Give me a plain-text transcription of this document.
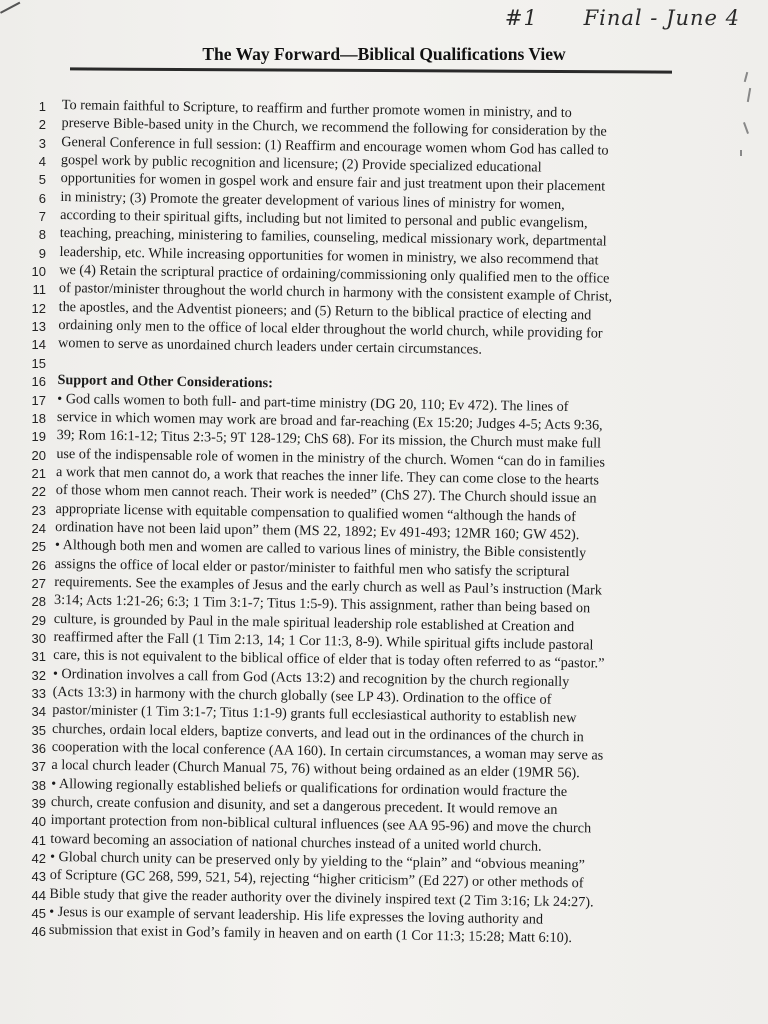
#1 Final - June 4
The Way Forward—Biblical Qualifications View
1
2
3
4
5
6
7
8
9
10
11
12
13
14
15
16
17
18
19
20
21
22
23
24
25
26
27
28
29
30
31
32
33
34
35
36
37
38
39
40
41
42
43
44
45
46
To remain faithful to Scripture, to reaffirm and further promote women in ministry, and to
preserve Bible-based unity in the Church, we recommend the following for consideration by the
General Conference in full session: (1) Reaffirm and encourage women whom God has called to
gospel work by public recognition and licensure; (2) Provide specialized educational
opportunities for women in gospel work and ensure fair and just treatment upon their placement
in ministry; (3) Promote the greater development of various lines of ministry for women,
according to their spiritual gifts, including but not limited to personal and public evangelism,
teaching, preaching, ministering to families, counseling, medical missionary work, departmental
leadership, etc. While increasing opportunities for women in ministry, we also recommend that
we (4) Retain the scriptural practice of ordaining/commissioning only qualified men to the office
of pastor/minister throughout the world church in harmony with the consistent example of Christ,
the apostles, and the Adventist pioneers; and (5) Return to the biblical practice of electing and
ordaining only men to the office of local elder throughout the world church, while providing for
women to serve as unordained church leaders under certain circumstances.
Support and Other Considerations:
• God calls women to both full- and part-time ministry (DG 20, 110; Ev 472). The lines of
service in which women may work are broad and far-reaching (Ex 15:20; Judges 4-5; Acts 9:36,
39; Rom 16:1-12; Titus 2:3-5; 9T 128-129; ChS 68). For its mission, the Church must make full
use of the indispensable role of women in the ministry of the church. Women “can do in families
a work that men cannot do, a work that reaches the inner life. They can come close to the hearts
of those whom men cannot reach. Their work is needed” (ChS 27). The Church should issue an
appropriate license with equitable compensation to qualified women “although the hands of
ordination have not been laid upon” them (MS 22, 1892; Ev 491-493; 12MR 160; GW 452).
• Although both men and women are called to various lines of ministry, the Bible consistently
assigns the office of local elder or pastor/minister to faithful men who satisfy the scriptural
requirements. See the examples of Jesus and the early church as well as Paul’s instruction (Mark
3:14; Acts 1:21-26; 6:3; 1 Tim 3:1-7; Titus 1:5-9). This assignment, rather than being based on
culture, is grounded by Paul in the male spiritual leadership role established at Creation and
reaffirmed after the Fall (1 Tim 2:13, 14; 1 Cor 11:3, 8-9). While spiritual gifts include pastoral
care, this is not equivalent to the biblical office of elder that is today often referred to as “pastor.”
• Ordination involves a call from God (Acts 13:2) and recognition by the church regionally
(Acts 13:3) in harmony with the church globally (see LP 43). Ordination to the office of
pastor/minister (1 Tim 3:1-7; Titus 1:1-9) grants full ecclesiastical authority to establish new
churches, ordain local elders, baptize converts, and lead out in the ordinances of the church in
cooperation with the local conference (AA 160). In certain circumstances, a woman may serve as
a local church leader (Church Manual 75, 76) without being ordained as an elder (19MR 56).
• Allowing regionally established beliefs or qualifications for ordination would fracture the
church, create confusion and disunity, and set a dangerous precedent. It would remove an
important protection from non-biblical cultural influences (see AA 95-96) and move the church
toward becoming an association of national churches instead of a united world church.
• Global church unity can be preserved only by yielding to the “plain” and “obvious meaning”
of Scripture (GC 268, 599, 521, 54), rejecting “higher criticism” (Ed 227) or other methods of
Bible study that give the reader authority over the divinely inspired text (2 Tim 3:16; Lk 24:27).
• Jesus is our example of servant leadership. His life expresses the loving authority and
submission that exist in God’s family in heaven and on earth (1 Cor 11:3; 15:28; Matt 6:10).
